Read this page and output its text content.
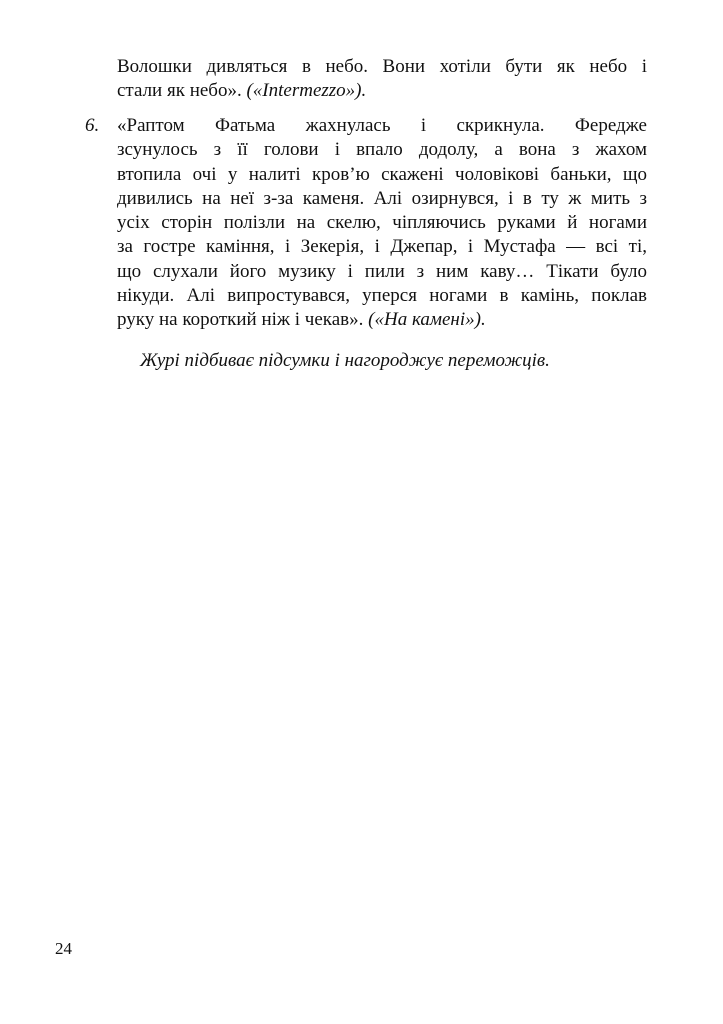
Волошки дивляться в небо. Вони хотіли бути як небо і
стали як небо». («Intermezzo»).
6. «Раптом Фатьма жахнулась і скрикнула. Фередже
зсунулось з її голови і впало додолу, а вона з жахом
втопила очі у налиті кров’ю скажені чоловікові баньки, що
дивились на неї з-за каменя. Алі озирнувся, і в ту ж мить з
усіх сторін полізли на скелю, чіпляючись руками й ногами
за гостре каміння, і Зекерія, і Джепар, і Мустафа — всі ті,
що слухали його музику і пили з ним каву… Тікати було
нікуди. Алі випростувався, уперся ногами в камінь, поклав
руку на короткий ніж і чекав». («На камені»).
Журі підбиває підсумки і нагороджує переможців.
24
